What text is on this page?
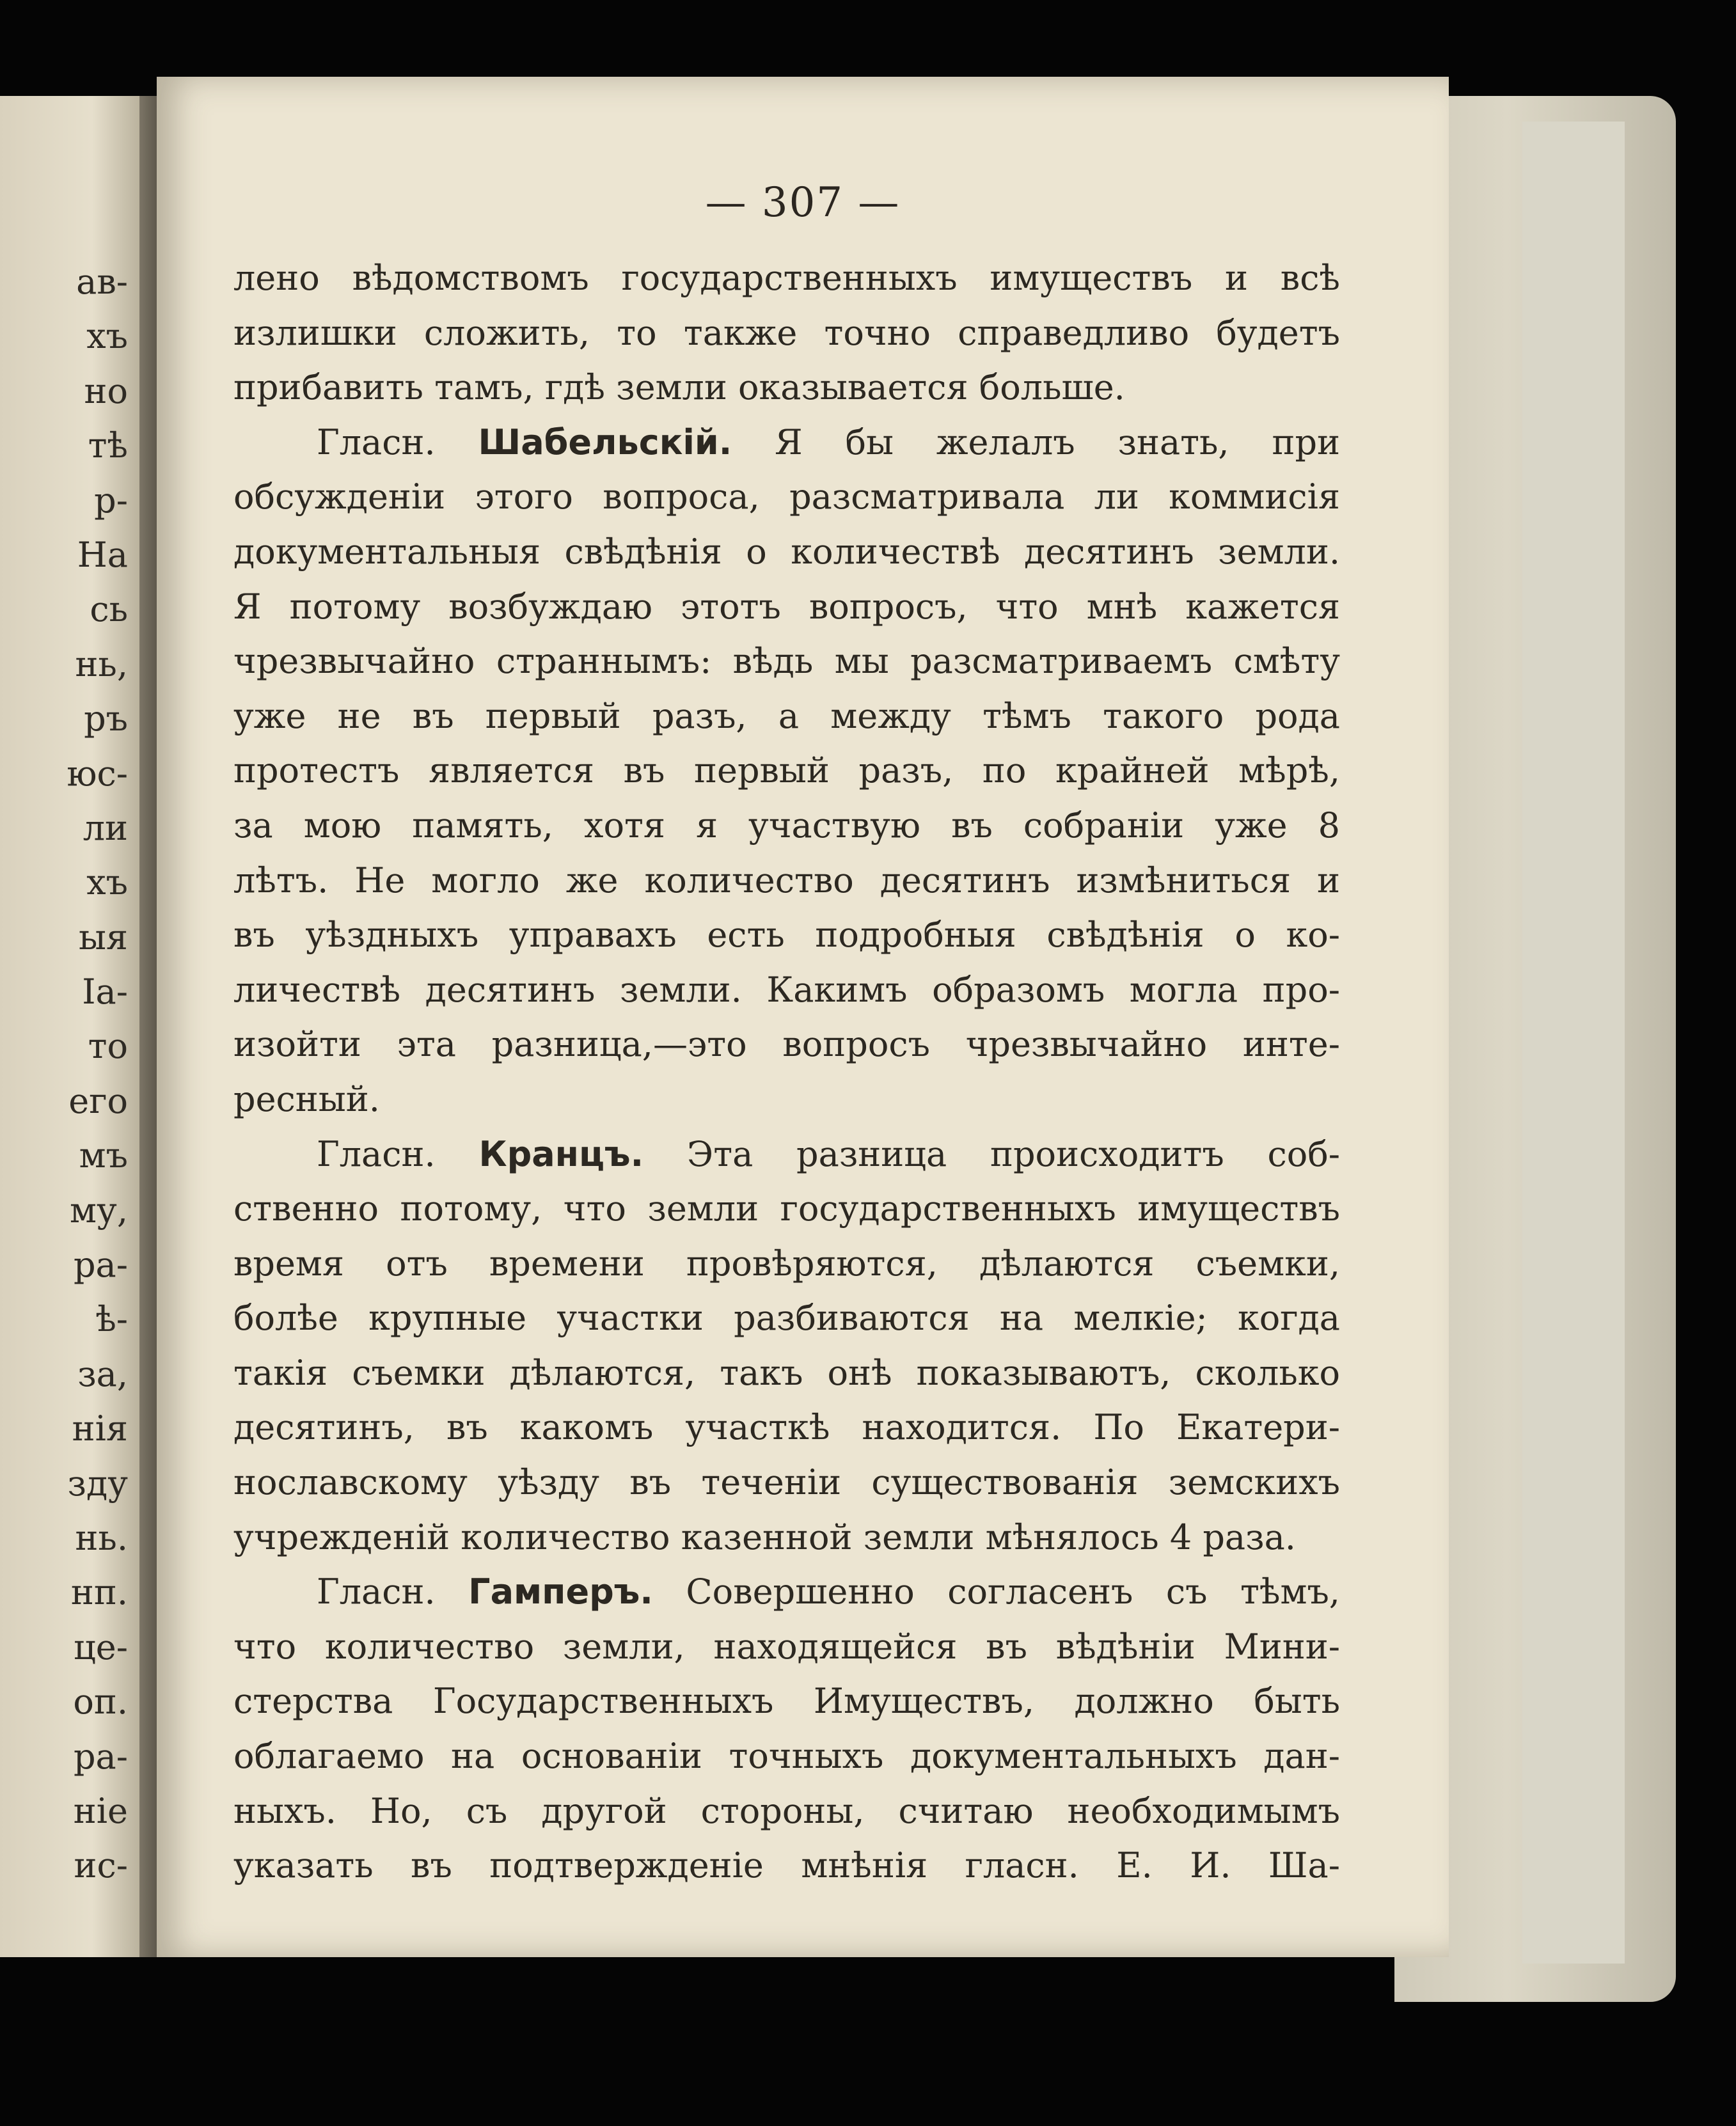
ав-
хъ
но
тѣ
р-
На
сь
нь,
ръ
юс-
ли
хъ
ыя
Іа-
то
его
мъ
му,
ра-
ѣ-
за,
нія
зду
нь.
нп.
це-
оп.
ра-
ніе
ис-
— 307 —
лено вѣдомствомъ государственныхъ имуществъ и всѣ
излишки сложить, то также точно справедливо будетъ
прибавить тамъ, гдѣ земли оказывается больше.
Гласн. Шабельскій. Я бы желалъ знать, при
обсужденіи этого вопроса, разсматривала ли коммисія
документальныя свѣдѣнія о количествѣ десятинъ земли.
Я потому возбуждаю этотъ вопросъ, что мнѣ кажется
чрезвычайно страннымъ: вѣдь мы разсматриваемъ смѣту
уже не въ первый разъ, а между тѣмъ такого рода
протестъ является въ первый разъ, по крайней мѣрѣ,
за мою память, хотя я участвую въ собраніи уже 8
лѣтъ. Не могло же количество десятинъ измѣниться и
въ уѣздныхъ управахъ есть подробныя свѣдѣнія о ко-
личествѣ десятинъ земли. Какимъ образомъ могла про-
изойти эта разница,—это вопросъ чрезвычайно инте-
ресный.
Гласн. Кранцъ. Эта разница происходитъ соб-
ственно потому, что земли государственныхъ имуществъ
время отъ времени провѣряются, дѣлаются съемки,
болѣе крупные участки разбиваются на мелкіе; когда
такія съемки дѣлаются, такъ онѣ показываютъ, сколько
десятинъ, въ какомъ участкѣ находится. По Екатери-
нославскому уѣзду въ теченіи существованія земскихъ
учрежденій количество казенной земли мѣнялось 4 раза.
Гласн. Гамперъ. Совершенно согласенъ съ тѣмъ,
что количество земли, находящейся въ вѣдѣніи Мини-
стерства Государственныхъ Имуществъ, должно быть
облагаемо на основаніи точныхъ документальныхъ дан-
ныхъ. Но, съ другой стороны, считаю необходимымъ
указать въ подтвержденіе мнѣнія гласн. Е. И. Ша-
